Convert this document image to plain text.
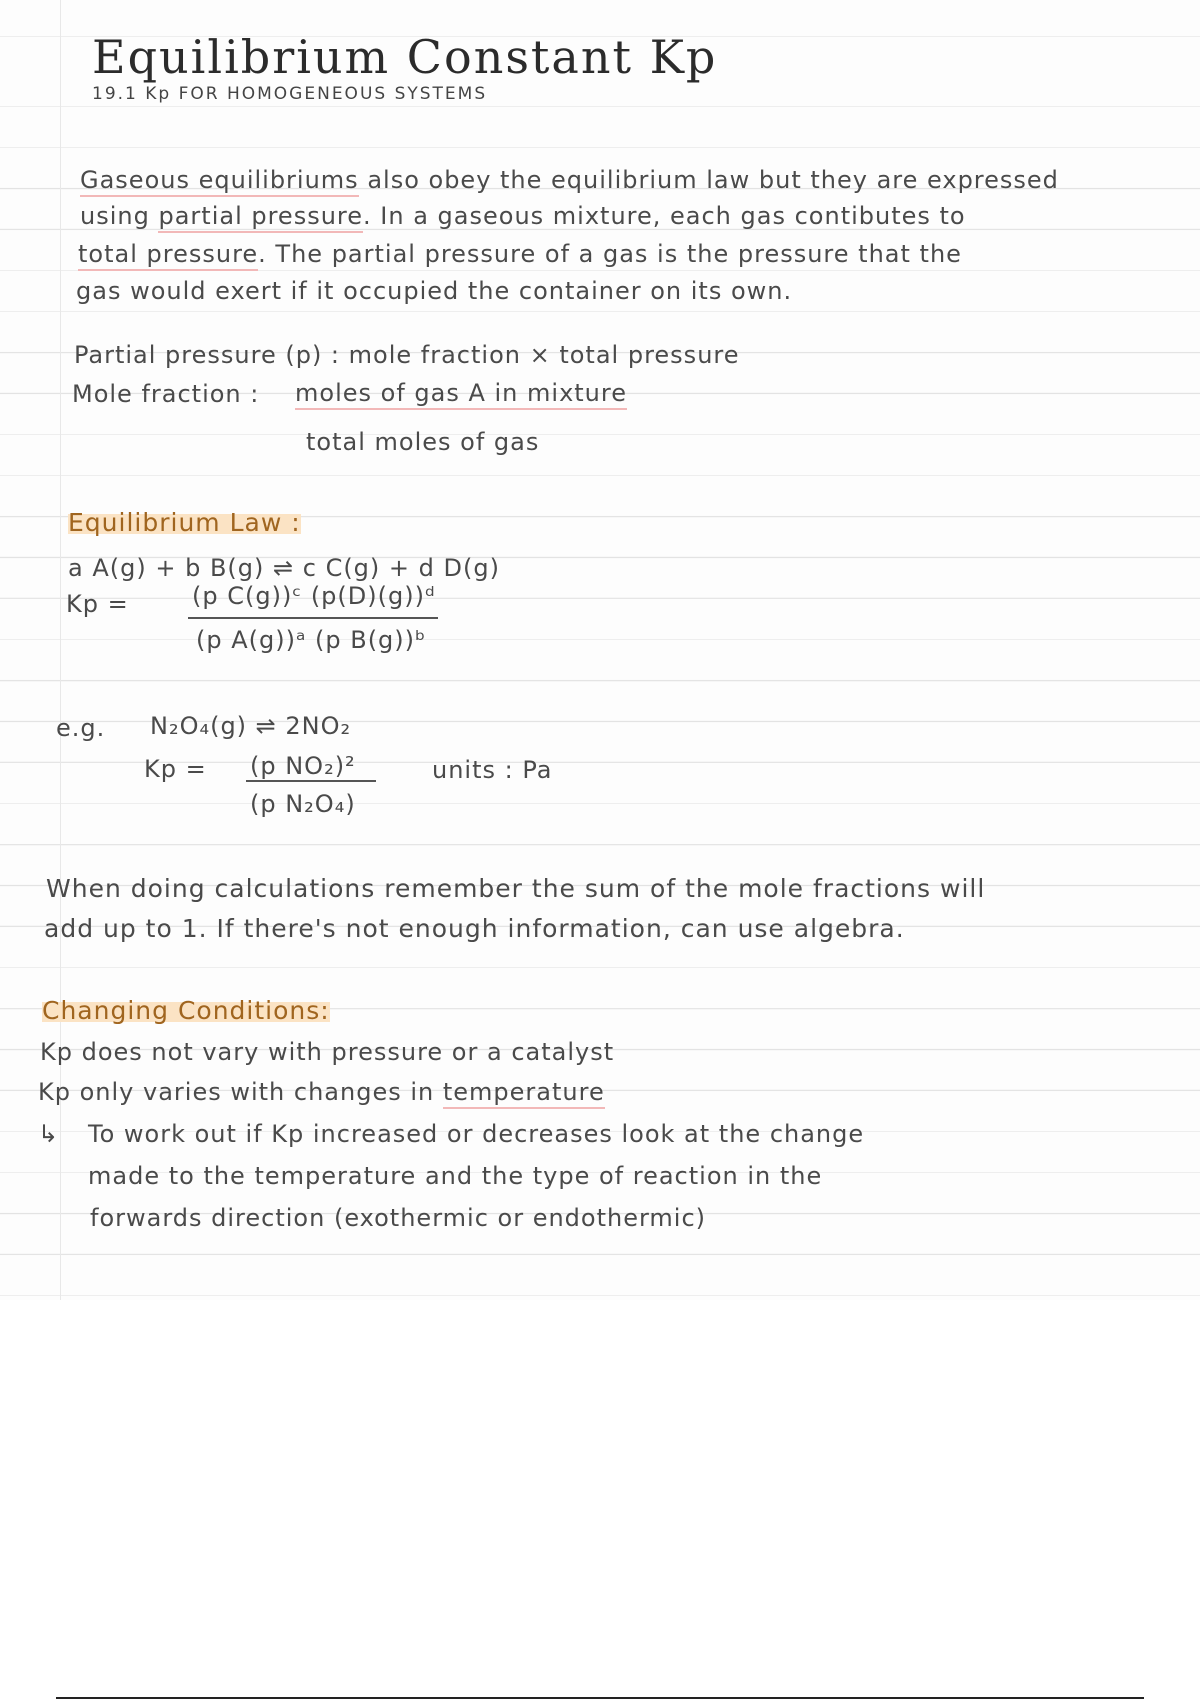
Equilibrium Constant Kp
19.1 Kp FOR HOMOGENEOUS SYSTEMS
Gaseous equilibriums also obey the equilibrium law but they are expressed
using partial pressure. In a gaseous mixture, each gas contibutes to
total pressure. The partial pressure of a gas is the pressure that the
gas would exert if it occupied the container on its own.
Partial pressure (p) : mole fraction × total pressure
Mole fraction : moles of gas A in mixture
total moles of gas
Equilibrium Law :
a A(g) + b B(g) ⇌ c C(g) + d D(g)
Kp =	(p C(g))ᶜ (p(D)(g))ᵈ
(p A(g))ᵃ (p B(g))ᵇ
e.g. N₂O₄(g) ⇌ 2NO₂
Kp = (p NO₂)²
(p N₂O₄)
units : Pa
When doing calculations remember the sum of the mole fractions will
add up to 1. If there's not enough information, can use algebra.
Changing Conditions:
Kp does not vary with pressure or a catalyst
Kp only varies with changes in temperature
↳ To work out if Kp increased or decreases look at the change
made to the temperature and the type of reaction in the
forwards direction (exothermic or endothermic)
